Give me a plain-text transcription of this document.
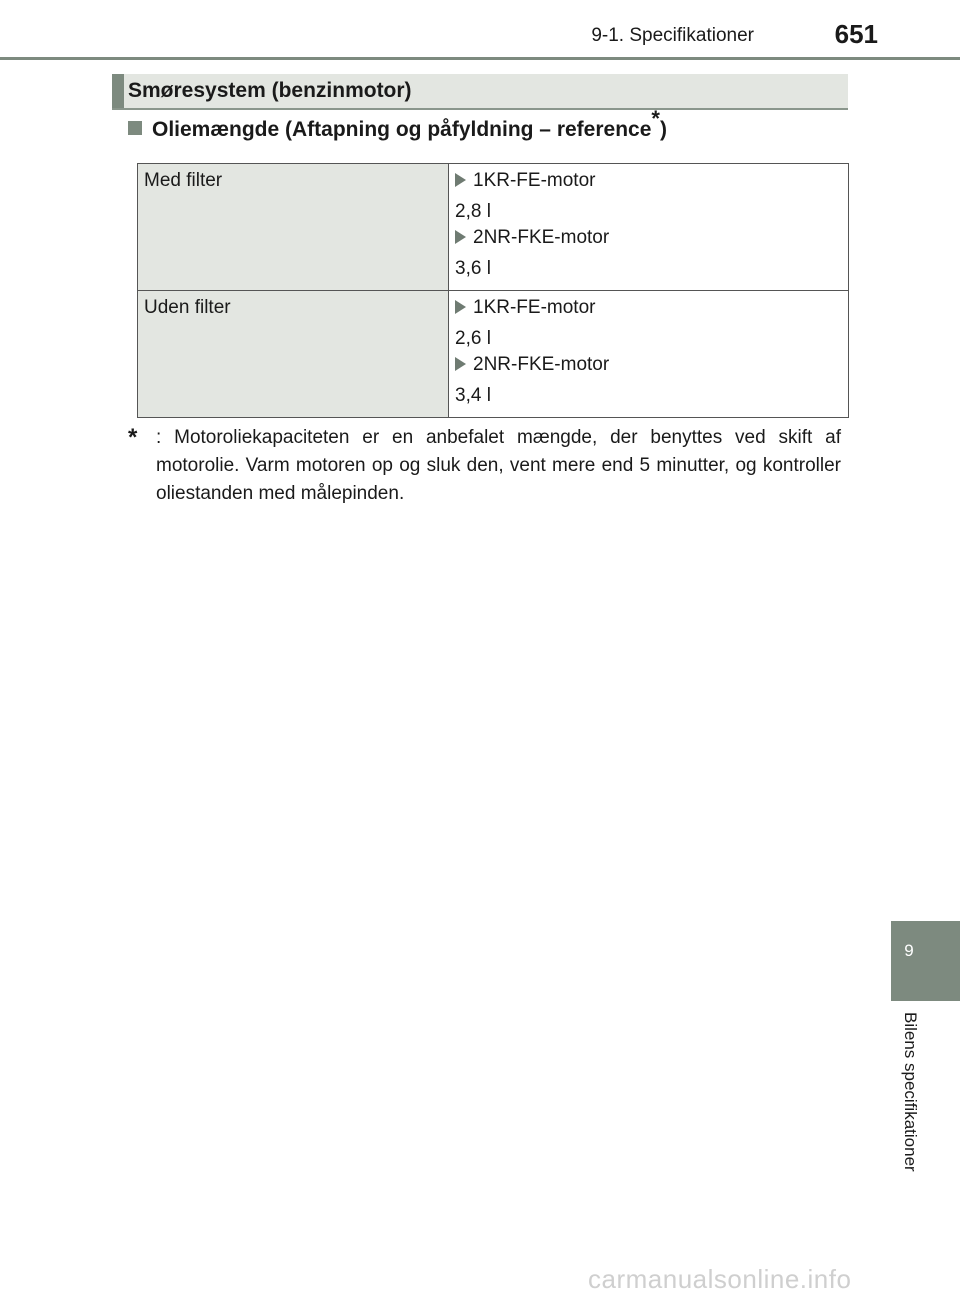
9-1. Specifikationer	651
Smøresystem (benzinmotor)
Oliemængde (Aftapning og påfyldning – reference*)
Med filter	1KR-FE-motor
2,8 l
2NR-FKE-motor
3,6 l

Uden filter	1KR-FE-motor
2,6 l
2NR-FKE-motor
3,4 l
* : Motoroliekapaciteten er en anbefalet mængde, der benyttes ved skift af motorolie. Varm motoren op og sluk den, vent mere end 5 minutter, og kontroller oliestanden med målepinden.
9
Bilens specifikationer
carmanualsonline.info
